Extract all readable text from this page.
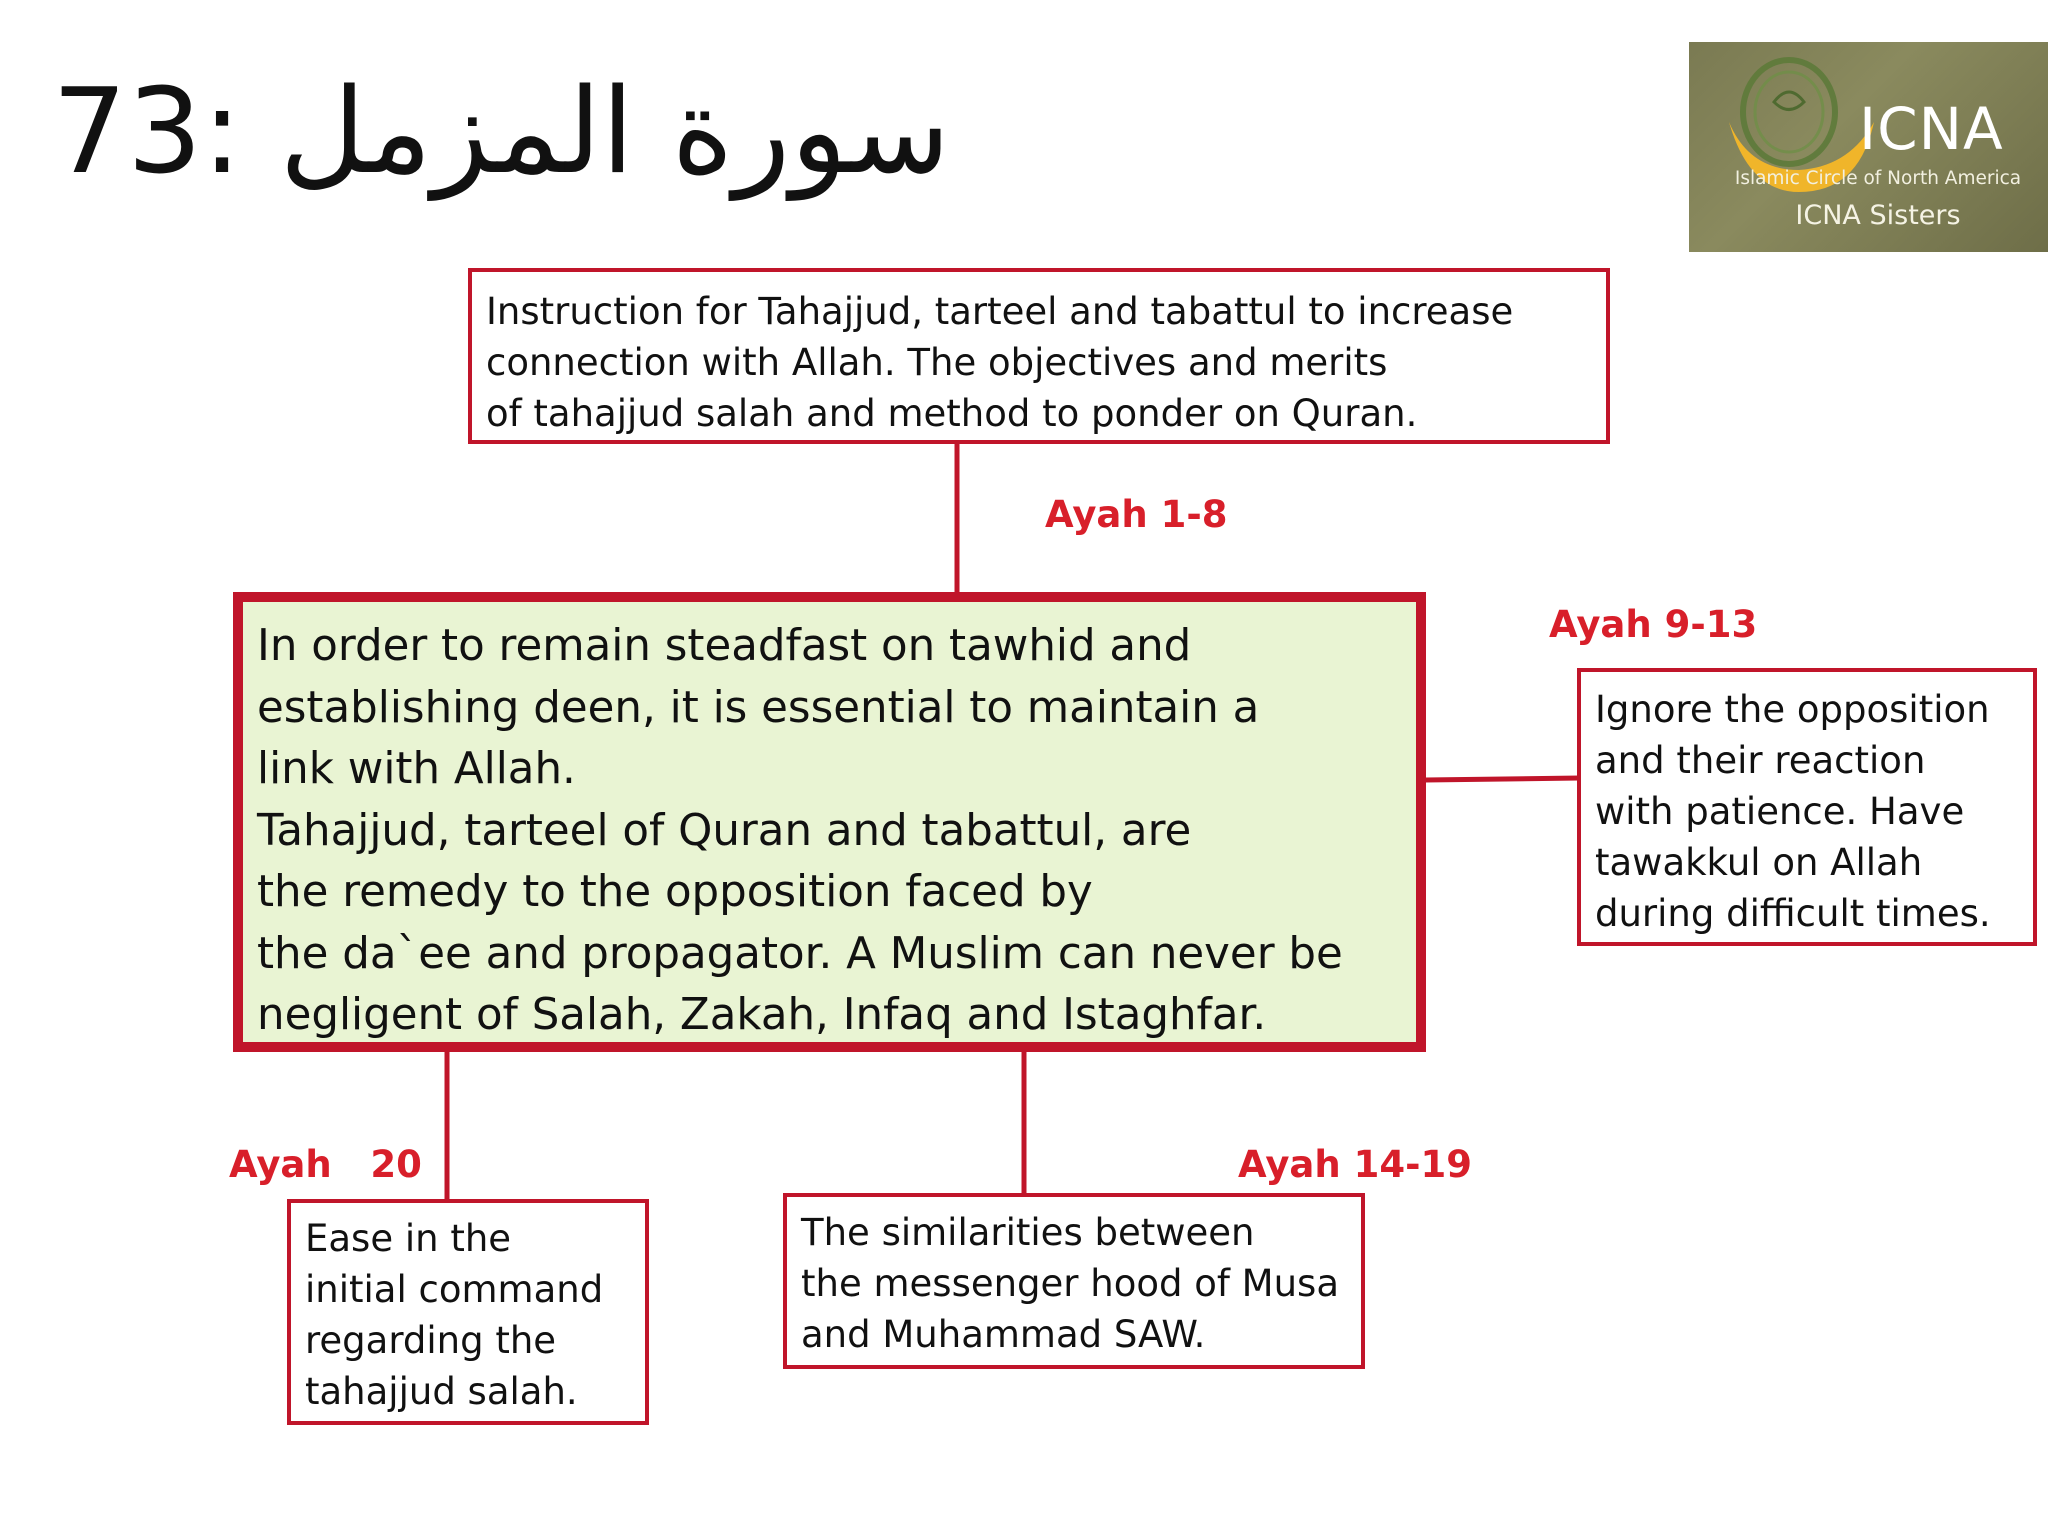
سورة المزمل :73	ICNA
Islamic Circle of North America
ICNA Sisters
Instruction for Tahajjud, tarteel and tabattul to increase
connection with Allah. The objectives and merits
of tahajjud salah and method to ponder on Quran.
Ayah 1-8
In order to remain steadfast on tawhid and
establishing deen, it is essential to maintain a
link with Allah.
Tahajjud, tarteel of Quran and tabattul, are
the remedy to the opposition faced by
the da`ee and propagator. A Muslim can never be
negligent of Salah, Zakah, Infaq and Istaghfar.
Ayah 9-13
Ignore the opposition
and their reaction
with patience. Have
tawakkul on Allah
during difficult times.
Ayah   20	Ayah 14-19
Ease in the
initial command
regarding the
tahajjud salah.
The similarities between
the messenger hood of Musa
and Muhammad SAW.
